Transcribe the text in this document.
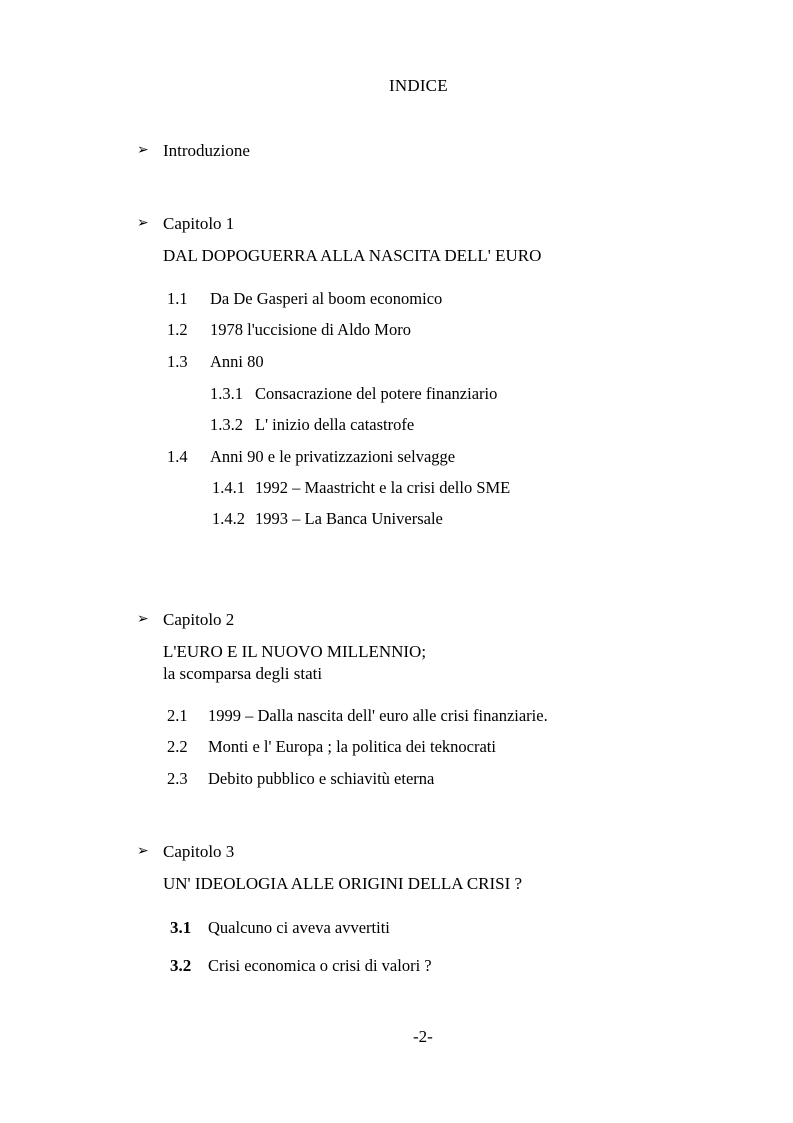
INDICE
➢ Introduzione
➢ Capitolo 1
DAL DOPOGUERRA ALLA NASCITA DELL' EURO
1.1 Da De Gasperi al boom economico
1.2 1978 l'uccisione di Aldo Moro
1.3 Anni 80
1.3.1 Consacrazione del potere finanziario
1.3.2 L' inizio della catastrofe
1.4 Anni 90 e le privatizzazioni selvagge
1.4.1 1992 – Maastricht e la crisi dello SME
1.4.2 1993 – La Banca Universale
➢ Capitolo 2
L'EURO E IL NUOVO MILLENNIO;
la scomparsa degli stati
2.1 1999 – Dalla nascita dell' euro alle crisi finanziarie.
2.2 Monti e l' Europa ; la politica dei teknocrati
2.3 Debito pubblico e schiavitù eterna
➢ Capitolo 3
UN' IDEOLOGIA ALLE ORIGINI DELLA CRISI ?
3.1 Qualcuno ci aveva avvertiti
3.2 Crisi economica o crisi di valori ?
-2-
